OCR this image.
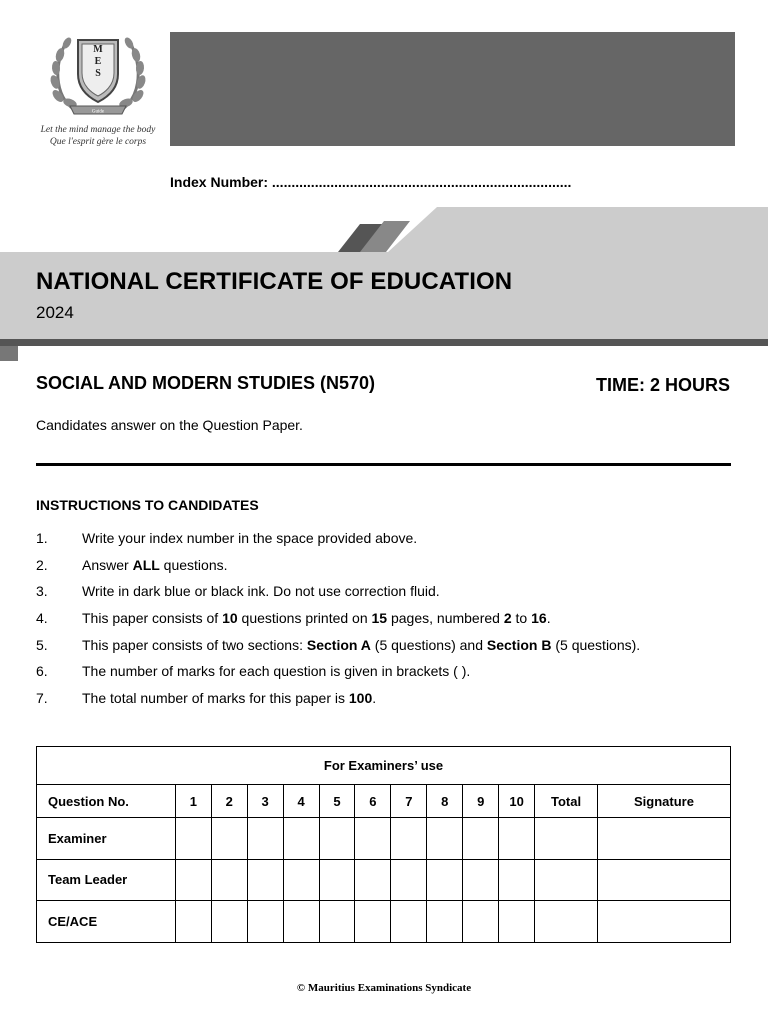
M
E
S
Guide
Let the mind manage the body
Que l'esprit gère le corps
Index Number: .............................................................................
NATIONAL CERTIFICATE OF EDUCATION
2024
SOCIAL AND MODERN STUDIES (N570)	TIME: 2 HOURS
Candidates answer on the Question Paper.
INSTRUCTIONS TO CANDIDATES
1.	Write your index number in the space provided above.
2.	Answer ALL questions.
3.	Write in dark blue or black ink. Do not use correction fluid.
4.	This paper consists of 10 questions printed on 15 pages, numbered 2 to 16.
5.	This paper consists of two sections: Section A (5 questions) and Section B (5 questions).
6.	The number of marks for each question is given in brackets ( ).
7.	The total number of marks for this paper is 100.
For Examiners’ use												
Question No.	1	2	3	4	5	6	7	8	9	10	Total	Signature
Examiner												
Team Leader												
CE/ACE												
© Mauritius Examinations Syndicate
